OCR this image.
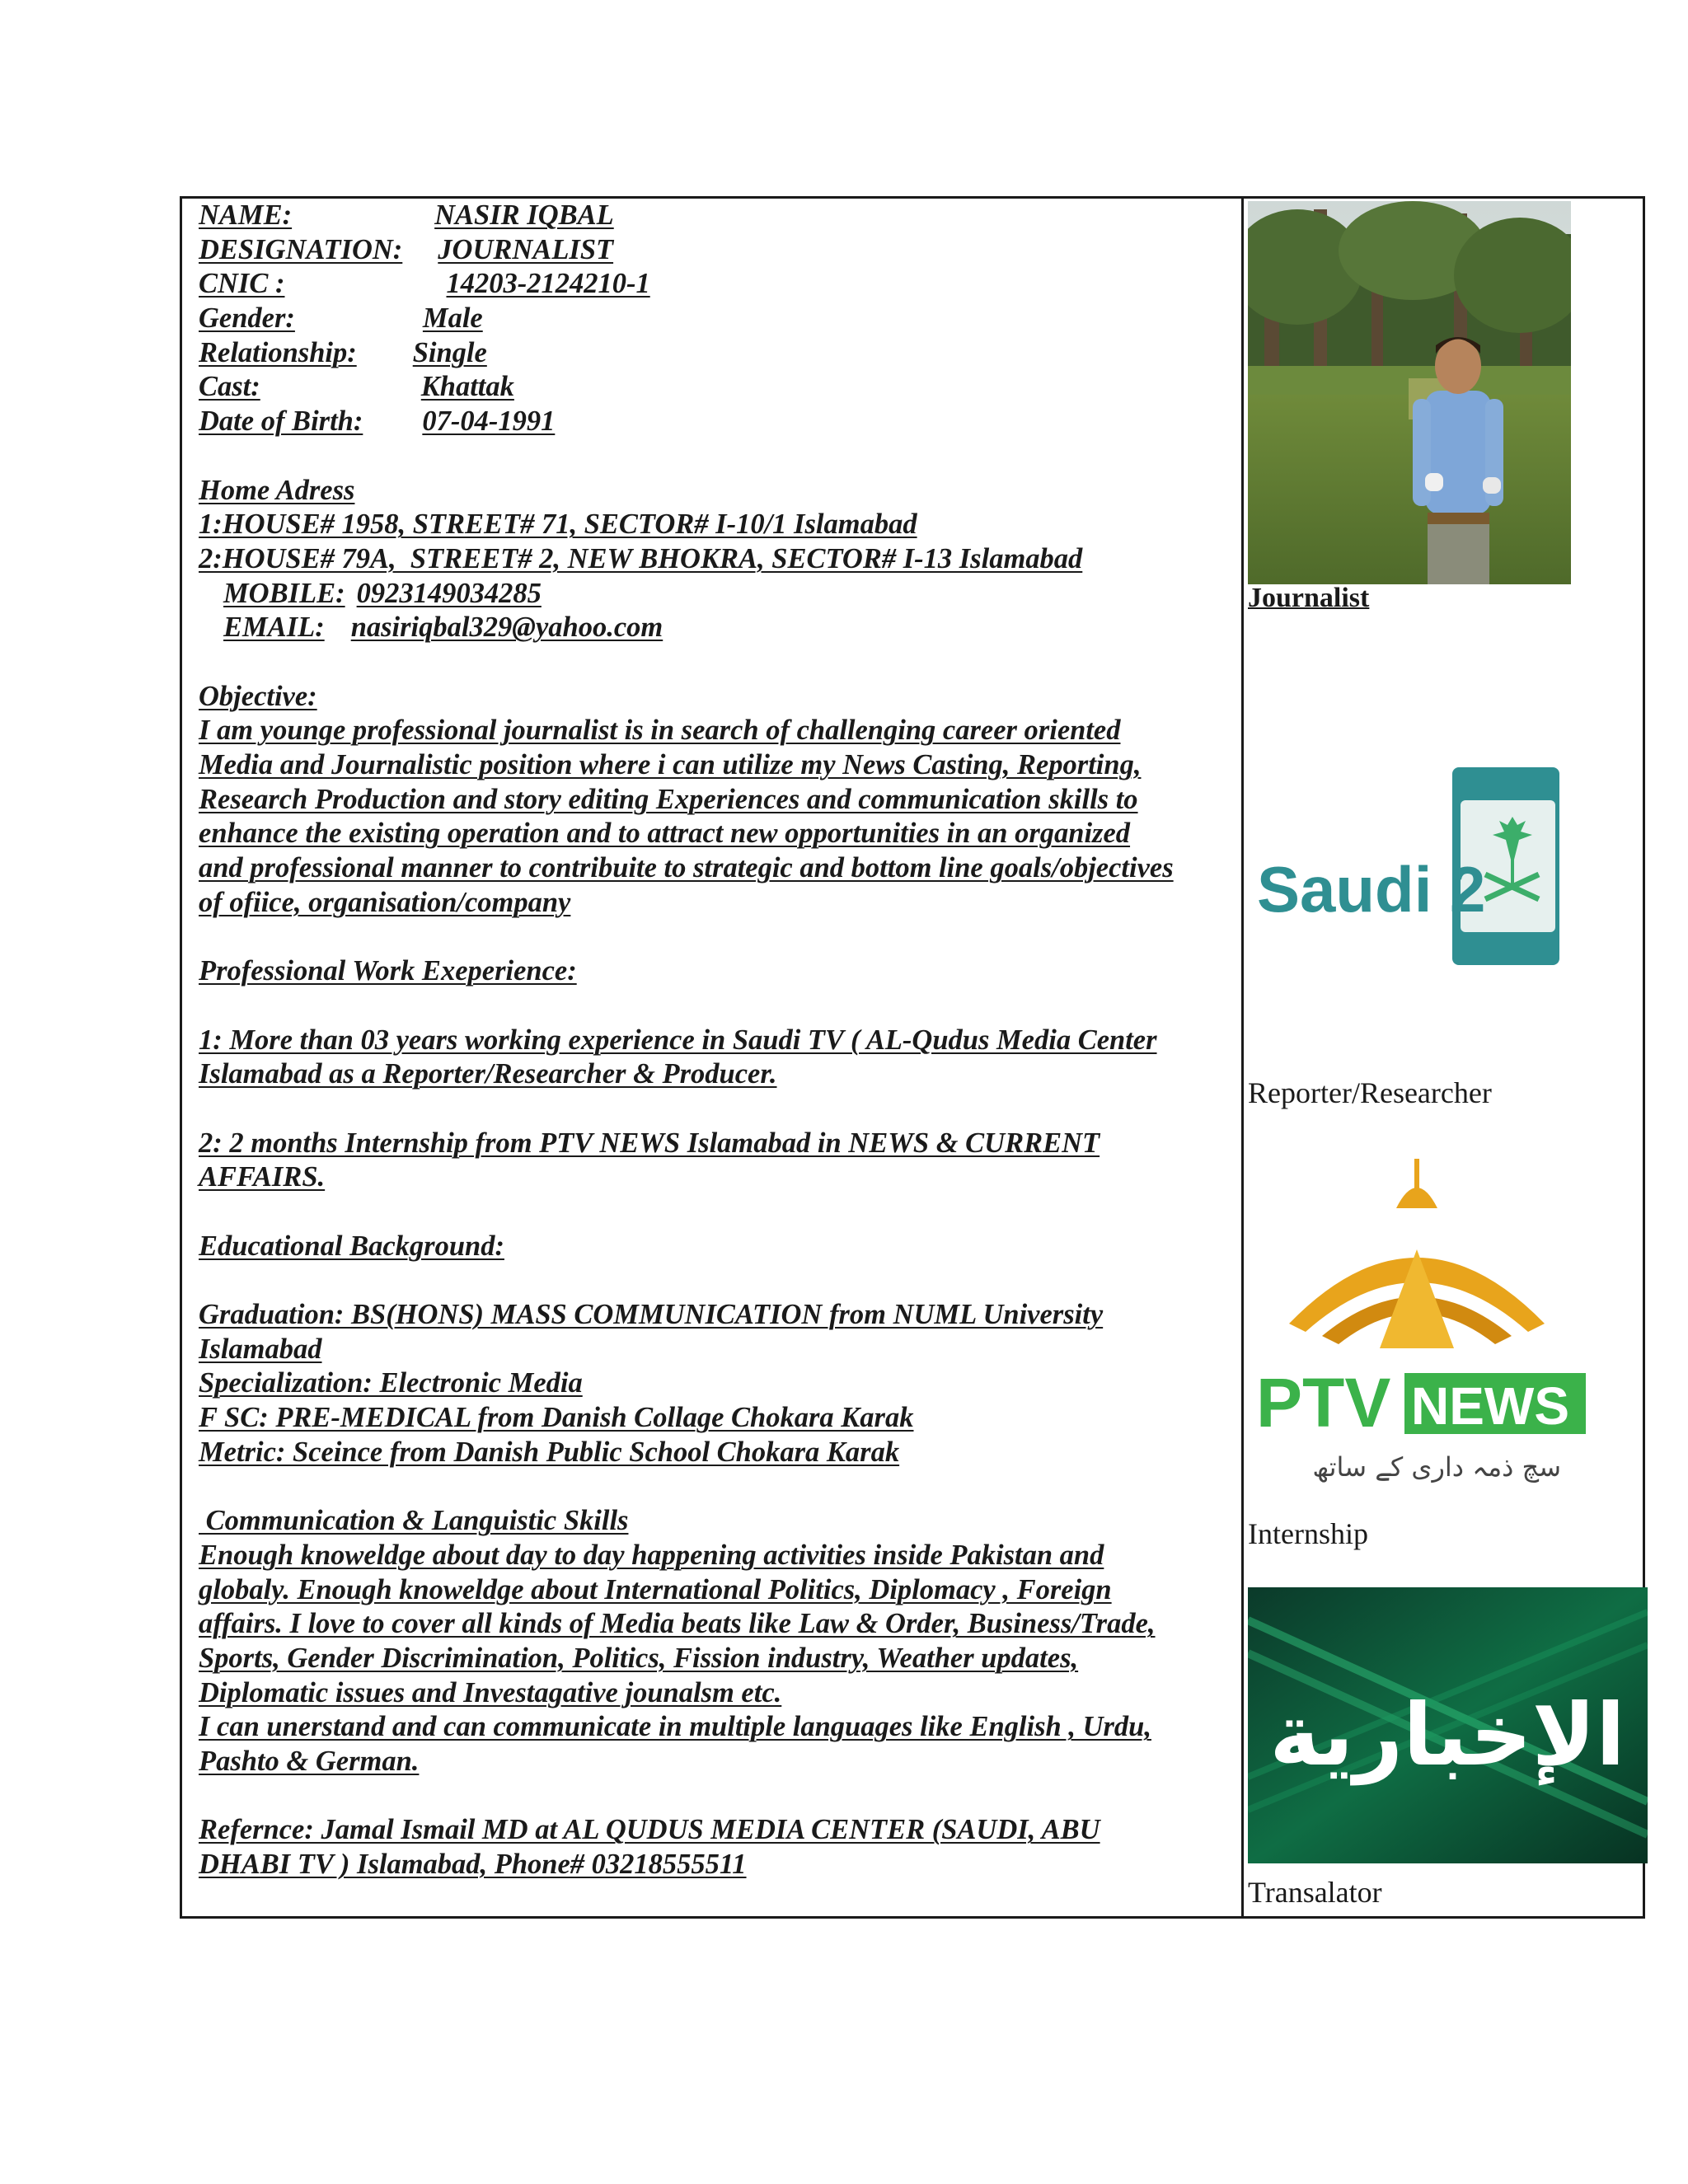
NAME:	NASIR IQBAL
DESIGNATION: JOURNALIST
CNIC :	14203-2124210-1
Gender:	Male
Relationship: Single
Cast:	Khattak
Date of Birth: 07-04-1991
Home Adress
1:HOUSE# 1958, STREET# 71, SECTOR# I-10/1 Islamabad
2:HOUSE# 79A,  STREET# 2, NEW BHOKRA, SECTOR# I-13 Islamabad
MOBILE: 0923149034285
EMAIL: nasiriqbal329@yahoo.com
Objective:
I am younge professional journalist is in search of challenging career oriented
Media and Journalistic position where i can utilize my News Casting, Reporting,
Research Production and story editing Experiences and communication skills to
enhance the existing operation and to attract new opportunities in an organized
and professional manner to contribuite to strategic and bottom line goals/objectives
of ofiice, organisation/company
Professional Work Exeperience:
1: More than 03 years working experience in Saudi TV ( AL-Qudus Media Center
Islamabad as a Reporter/Researcher & Producer.
2: 2 months Internship from PTV NEWS Islamabad in NEWS & CURRENT
AFFAIRS.
Educational Background:
Graduation: BS(HONS) MASS COMMUNICATION from NUML University
Islamabad
Specialization: Electronic Media
F SC: PRE-MEDICAL from Danish Collage Chokara Karak
Metric: Sceince from Danish Public School Chokara Karak
Communication & Languistic Skills
Enough knoweldge about day to day happening activities inside Pakistan and
globaly. Enough knoweldge about International Politics, Diplomacy , Foreign
affairs. I love to cover all kinds of Media beats like Law & Order, Business/Trade,
Sports, Gender Discrimination, Politics, Fission industry, Weather updates,
Diplomatic issues and Investagative jounalsm etc.
I can unerstand and can communicate in multiple languages like English , Urdu,
Pashto & German.
Refernce: Jamal Ismail MD at AL QUDUS MEDIA CENTER (SAUDI, ABU
DHABI TV ) Islamabad, Phone# 03218555511
Journalist
Saudi 2
Reporter/Researcher
PTV NEWS
سچ ذمہ داری کے ساتھ
Internship
الإخبارية
Transalator
